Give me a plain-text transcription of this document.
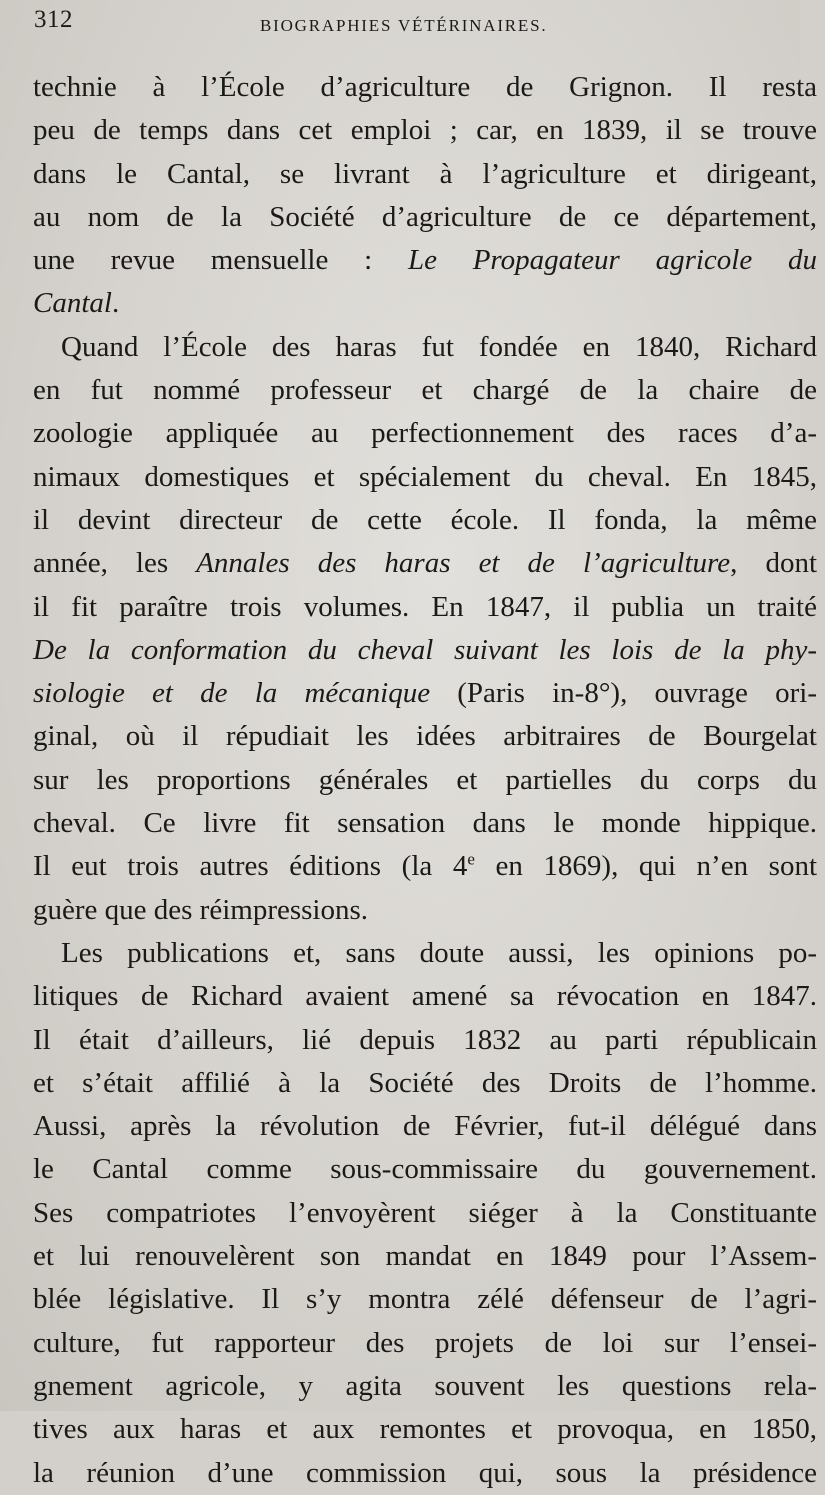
312	BIOGRAPHIES VÉTÉRINAIRES.
technie à l’École d’agriculture de Grignon. Il resta
peu de temps dans cet emploi ; car, en 1839, il se trouve
dans le Cantal, se livrant à l’agriculture et dirigeant,
au nom de la Société d’agriculture de ce département,
une revue mensuelle : Le Propagateur agricole du
Cantal.
Quand l’École des haras fut fondée en 1840, Richard
en fut nommé professeur et chargé de la chaire de
zoologie appliquée au perfectionnement des races d’a-
nimaux domestiques et spécialement du cheval. En 1845,
il devint directeur de cette école. Il fonda, la même
année, les Annales des haras et de l’agriculture, dont
il fit paraître trois volumes. En 1847, il publia un traité
De la conformation du cheval suivant les lois de la phy-
siologie et de la mécanique (Paris in-8°), ouvrage ori-
ginal, où il répudiait les idées arbitraires de Bourgelat
sur les proportions générales et partielles du corps du
cheval. Ce livre fit sensation dans le monde hippique.
Il eut trois autres éditions (la 4e en 1869), qui n’en sont
guère que des réimpressions.
Les publications et, sans doute aussi, les opinions po-
litiques de Richard avaient amené sa révocation en 1847.
Il était d’ailleurs, lié depuis 1832 au parti républicain
et s’était affilié à la Société des Droits de l’homme.
Aussi, après la révolution de Février, fut-il délégué dans
le Cantal comme sous-commissaire du gouvernement.
Ses compatriotes l’envoyèrent siéger à la Constituante
et lui renouvelèrent son mandat en 1849 pour l’Assem-
blée législative. Il s’y montra zélé défenseur de l’agri-
culture, fut rapporteur des projets de loi sur l’ensei-
gnement agricole, y agita souvent les questions rela-
tives aux haras et aux remontes et provoqua, en 1850,
la réunion d’une commission qui, sous la présidence
